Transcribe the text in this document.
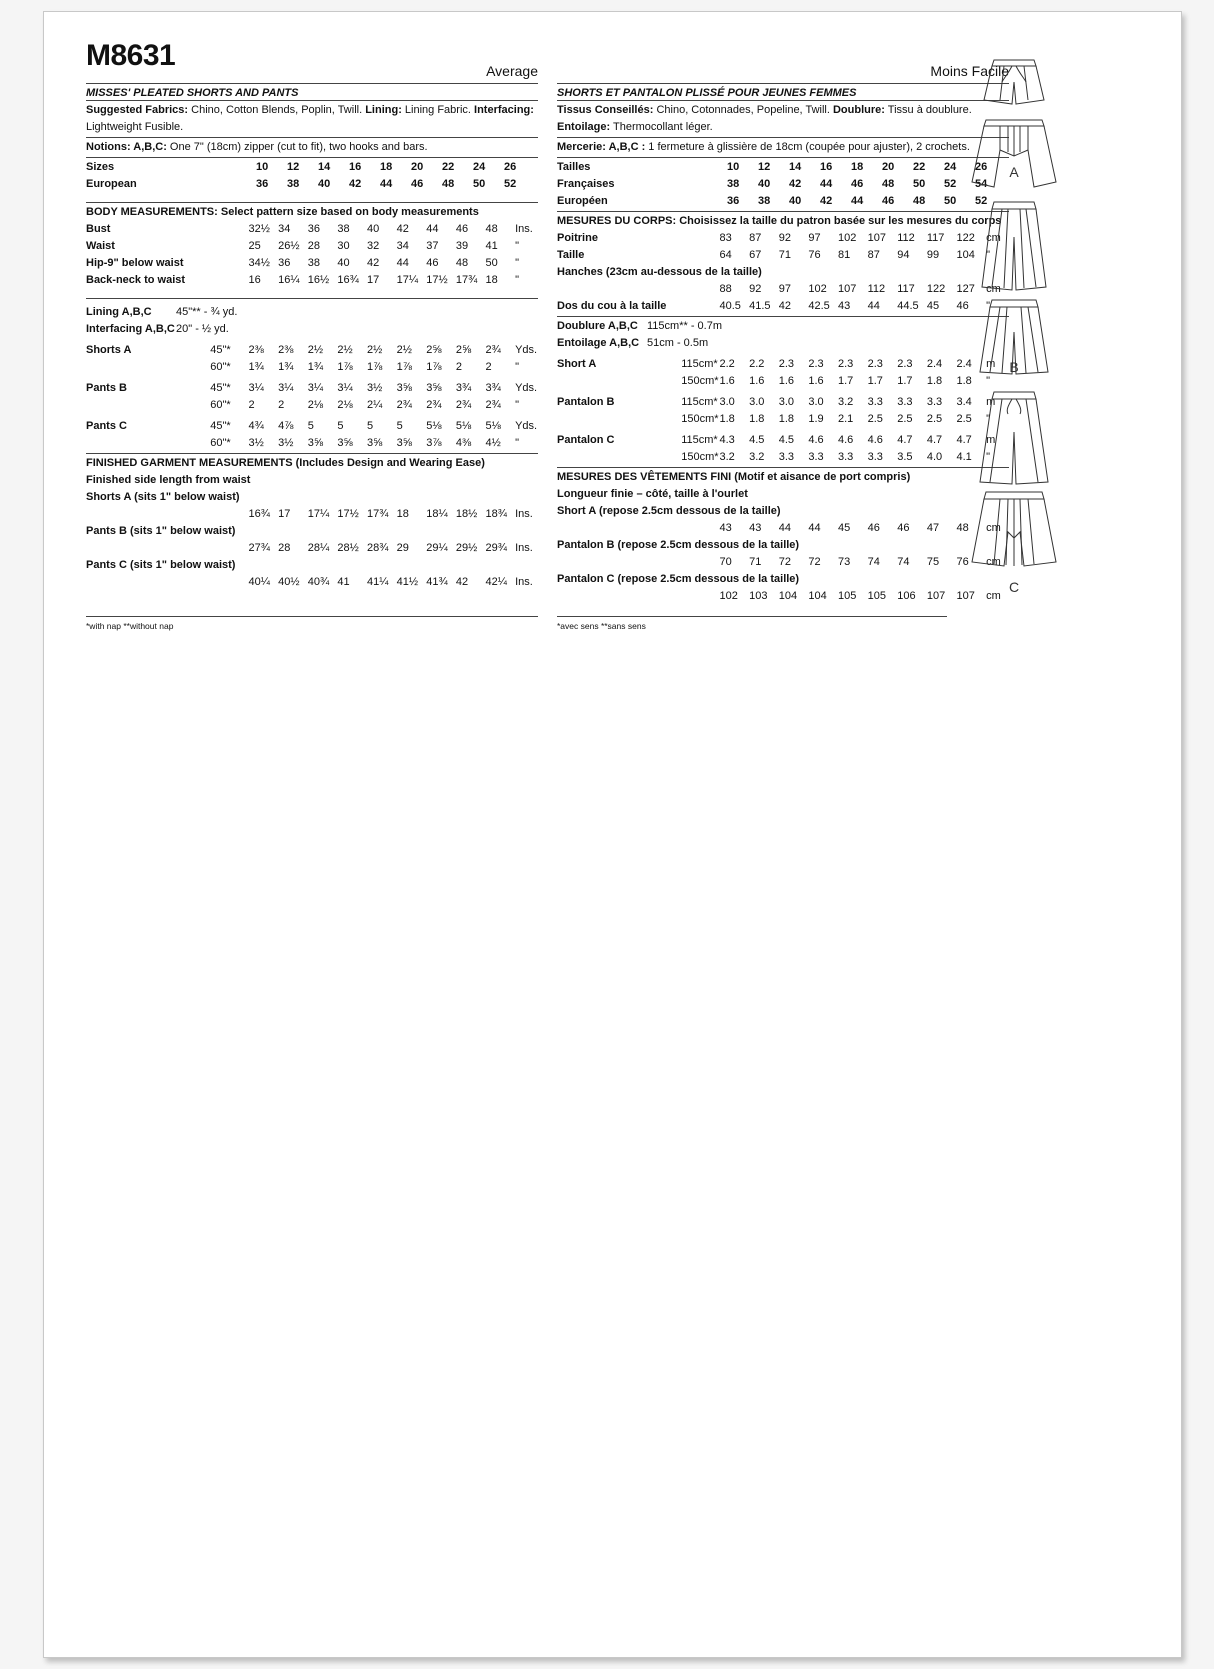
M8631	Average
MISSES' PLEATED SHORTS AND PANTS
Suggested Fabrics: Chino, Cotton Blends, Poplin, Twill. Lining: Lining Fabric. Interfacing: Lightweight Fusible.
Notions: A,B,C: One 7" (18cm) zipper (cut to fit), two hooks and bars.
Sizes	10	12	14	16	18	20	22	24	26
European	36	38	40	42	44	46	48	50	52
BODY MEASUREMENTS: Select pattern size based on body measurements
Bust	32½ 34	36	38	40	42	44	46	48	Ins.
Waist	25	26½ 28	30	32	34	37	39	41	"
Hip-9" below waist	34½ 36	38	40	42	44	46	48	50	"
Back-neck to waist	16	16¼ 16½ 16¾ 17	17¼ 17½ 17¾ 18	"
Lining A,B,C	45"** - ¾ yd.
Interfacing A,B,C 20" - ½ yd.
Shorts A	45"*	2⅜	2⅜	2½	2½	2½	2½	2⅝	2⅝	2¾	Yds.
60"*	1¾	1¾	1¾	1⅞	1⅞	1⅞	1⅞	2	2	"
Pants B	45"*	3¼	3¼	3¼	3¼	3½	3⅝	3⅝	3¾	3¾	Yds.
60"*	2	2	2⅛	2⅛	2¼	2¾	2¾	2¾	2¾	"
Pants C	45"*	4¾	4⅞	5	5	5	5	5⅛	5⅛	5⅛	Yds.
60"*	3½	3½	3⅝	3⅝	3⅝	3⅝	3⅞	4⅜	4½	"
FINISHED GARMENT MEASUREMENTS (Includes Design and Wearing Ease)
Finished side length from waist
Shorts A (sits 1" below waist)
16¾ 17	17¼ 17½ 17¾ 18	18¼ 18½ 18¾ Ins.
Pants B (sits 1" below waist)
27¾ 28	28¼ 28½ 28¾ 29	29¼ 29½ 29¾ Ins.
Pants C (sits 1" below waist)
40¼ 40½ 40¾ 41	41¼ 41½ 41¾ 42	42¼ Ins.
Moins Facile
SHORTS ET PANTALON PLISSÉ POUR JEUNES FEMMES
Tissus Conseillés: Chino, Cotonnades, Popeline, Twill. Doublure: Tissu à doublure. Entoilage: Thermocollant léger.
Mercerie: A,B,C : 1 fermeture à glissière de 18cm (coupée pour ajuster), 2 crochets.
Tailles	10	12	14	16	18	20	22	24	26
Françaises	38	40	42	44	46	48	50	52	54
Européen	36	38	40	42	44	46	48	50	52
MESURES DU CORPS: Choisissez la taille du patron basée sur les mesures du corps
Poitrine	83	87	92	97	102	107	112	117	122	cm
Taille	64	67	71	76	81	87	94	99	104	"
Hanches (23cm au-dessous de la taille)
88	92	97	102	107	112	117	122	127	cm
Dos du cou à la taille	40.5 41.5 42	42.5 43	44	44.5 45	46	"
Doublure A,B,C 115cm** - 0.7m
Entoilage A,B,C 51cm - 0.5m
Short A	115cm* 2.2	2.2	2.3	2.3	2.3	2.3	2.3	2.4	2.4	m
150cm* 1.6	1.6	1.6	1.6	1.7	1.7	1.7	1.8	1.8	"
Pantalon B	115cm* 3.0	3.0	3.0	3.0	3.2	3.3	3.3	3.3	3.4	m
150cm* 1.8	1.8	1.8	1.9	2.1	2.5	2.5	2.5	2.5	"
Pantalon C	115cm* 4.3	4.5	4.5	4.6	4.6	4.6	4.7	4.7	4.7	m
150cm* 3.2	3.2	3.3	3.3	3.3	3.3	3.5	4.0	4.1	"
MESURES DES VÊTEMENTS FINI (Motif et aisance de port compris)
Longueur finie – côté, taille à l'ourlet
Short A (repose 2.5cm dessous de la taille)
43	43	44	44	45	46	46	47	48	cm
Pantalon B (repose 2.5cm dessous de la taille)
70	71	72	72	73	74	74	75	76	cm
Pantalon C (repose 2.5cm dessous de la taille)
102	103	104	104	105	105	106	107	107	cm
*with nap **without nap	*avec sens **sans sens
A
B
C
